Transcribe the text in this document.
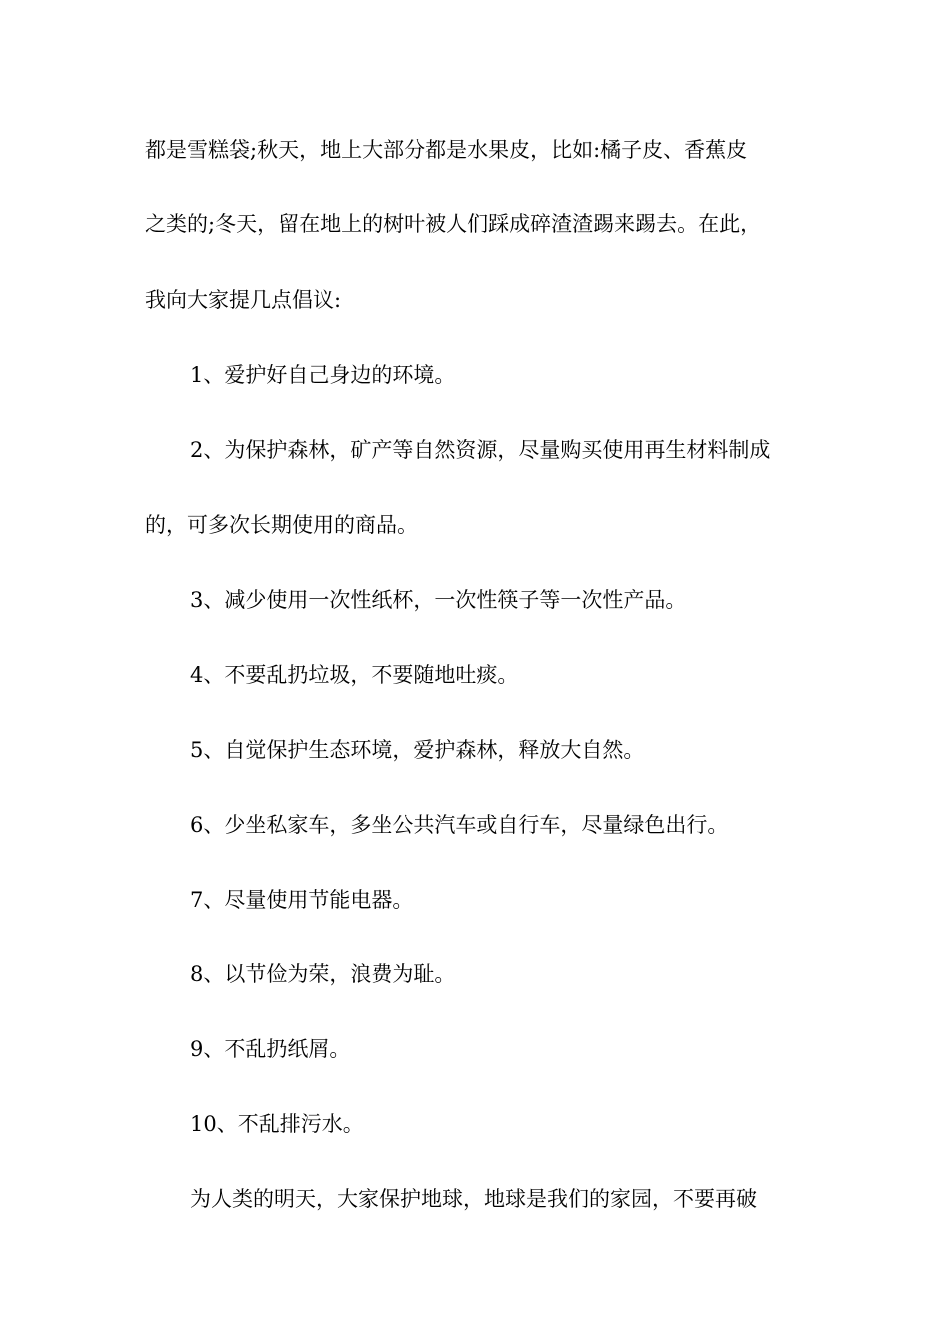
都是雪糕袋;秋天，地上大部分都是水果皮，比如:橘子皮、香蕉皮
之类的;冬天，留在地上的树叶被人们踩成碎渣渣踢来踢去。在此，
我向大家提几点倡议:
1、爱护好自己身边的环境。
2、为保护森林，矿产等自然资源，尽量购买使用再生材料制成
的，可多次长期使用的商品。
3、减少使用一次性纸杯，一次性筷子等一次性产品。
4、不要乱扔垃圾，不要随地吐痰。
5、自觉保护生态环境，爱护森林，释放大自然。
6、少坐私家车，多坐公共汽车或自行车，尽量绿色出行。
7、尽量使用节能电器。
8、以节俭为荣，浪费为耻。
9、不乱扔纸屑。
10、不乱排污水。
为人类的明天，大家保护地球，地球是我们的家园，不要再破
